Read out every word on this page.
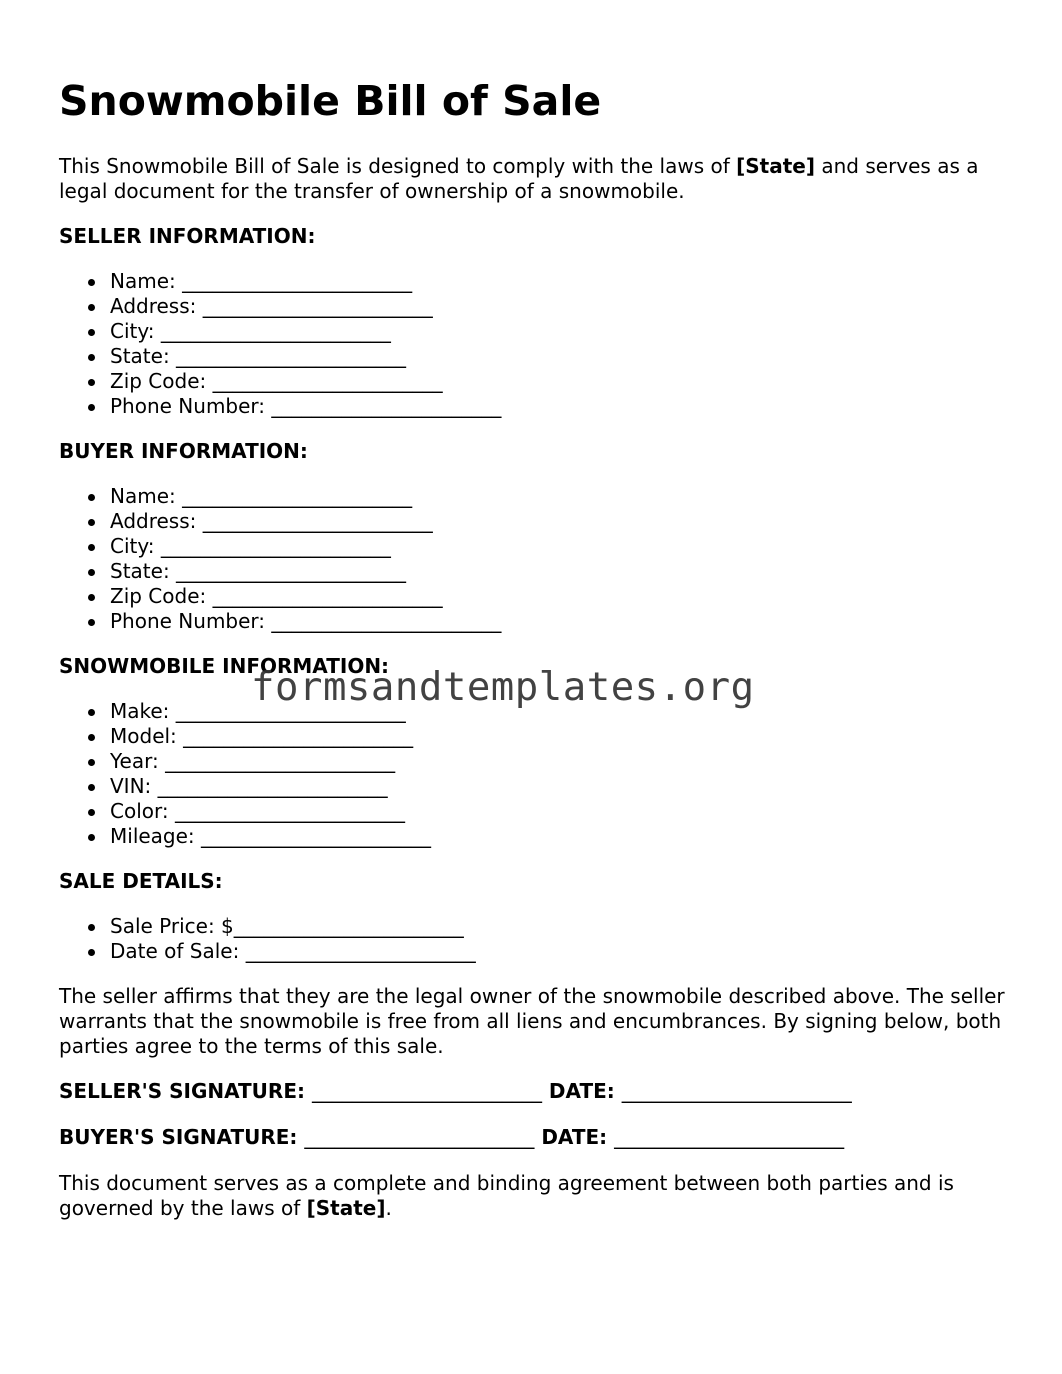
Snowmobile Bill of Sale

This Snowmobile Bill of Sale is designed to comply with the laws of [State] and serves as a legal document for the transfer of ownership of a snowmobile.

SELLER INFORMATION:
Name: _______________________
Address: _______________________
City: _______________________
State: _______________________
Zip Code: _______________________
Phone Number: _______________________
BUYER INFORMATION:
Name: _______________________
Address: _______________________
City: _______________________
State: _______________________
Zip Code: _______________________
Phone Number: _______________________
SNOWMOBILE INFORMATION:
Make: _______________________
Model: _______________________
Year: _______________________
VIN: _______________________
Color: _______________________
Mileage: _______________________
SALE DETAILS:
Sale Price: $_______________________
Date of Sale: _______________________

The seller affirms that they are the legal owner of the snowmobile described above. The seller warrants that the snowmobile is free from all liens and encumbrances. By signing below, both parties agree to the terms of this sale.

SELLER'S SIGNATURE: _______________________ DATE: _______________________
BUYER'S SIGNATURE: _______________________ DATE: _______________________

This document serves as a complete and binding agreement between both parties and is governed by the laws of [State].

formsandtemplates.org
